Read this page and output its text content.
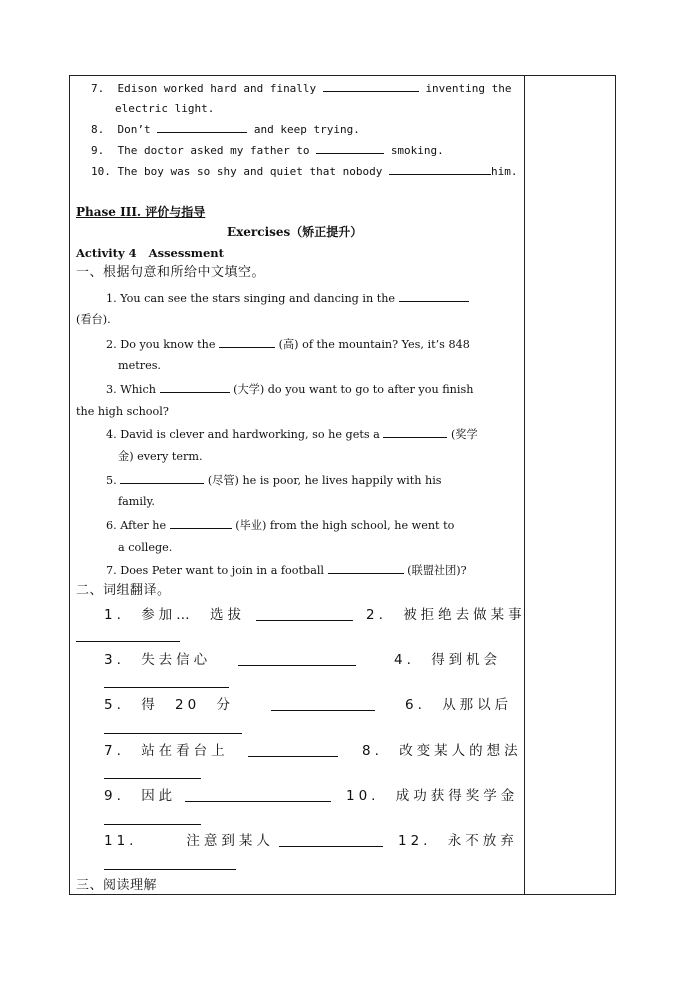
7. Edison worked hard and finally	inventing the
electric light.
8. Don’t	and keep trying.
9. The doctor asked my father to	smoking.
10. The boy was so shy and quiet that nobody	him.
Phase III. 评价与指导
Exercises（矫正提升）
Activity 4 Assessment
一、根据句意和所给中文填空。
1. You can see the stars singing and dancing in the
(看台).
2. Do you know the	(高) of the mountain? Yes, it’s 848
metres.
3. Which	(大学) do you want to go to after you finish
the high school?
4. David is clever and hardworking, so he gets a	(奖学
金) every term.
5.	(尽管) he is poor, he lives happily with his
family.
6. After he	(毕业) from the high school, he went to
a college.
7. Does Peter want to join in a football	(联盟社团)?
二、词组翻译。
1. 参加… 选拔	2. 被拒绝去做某事
3. 失去信心	4. 得到机会
5. 得 20 分	6. 从那以后
7. 站在看台上	8. 改变某人的想法
9. 因此	10. 成功获得奖学金
11.	注意到某人	12. 永不放弃
三、阅读理解
